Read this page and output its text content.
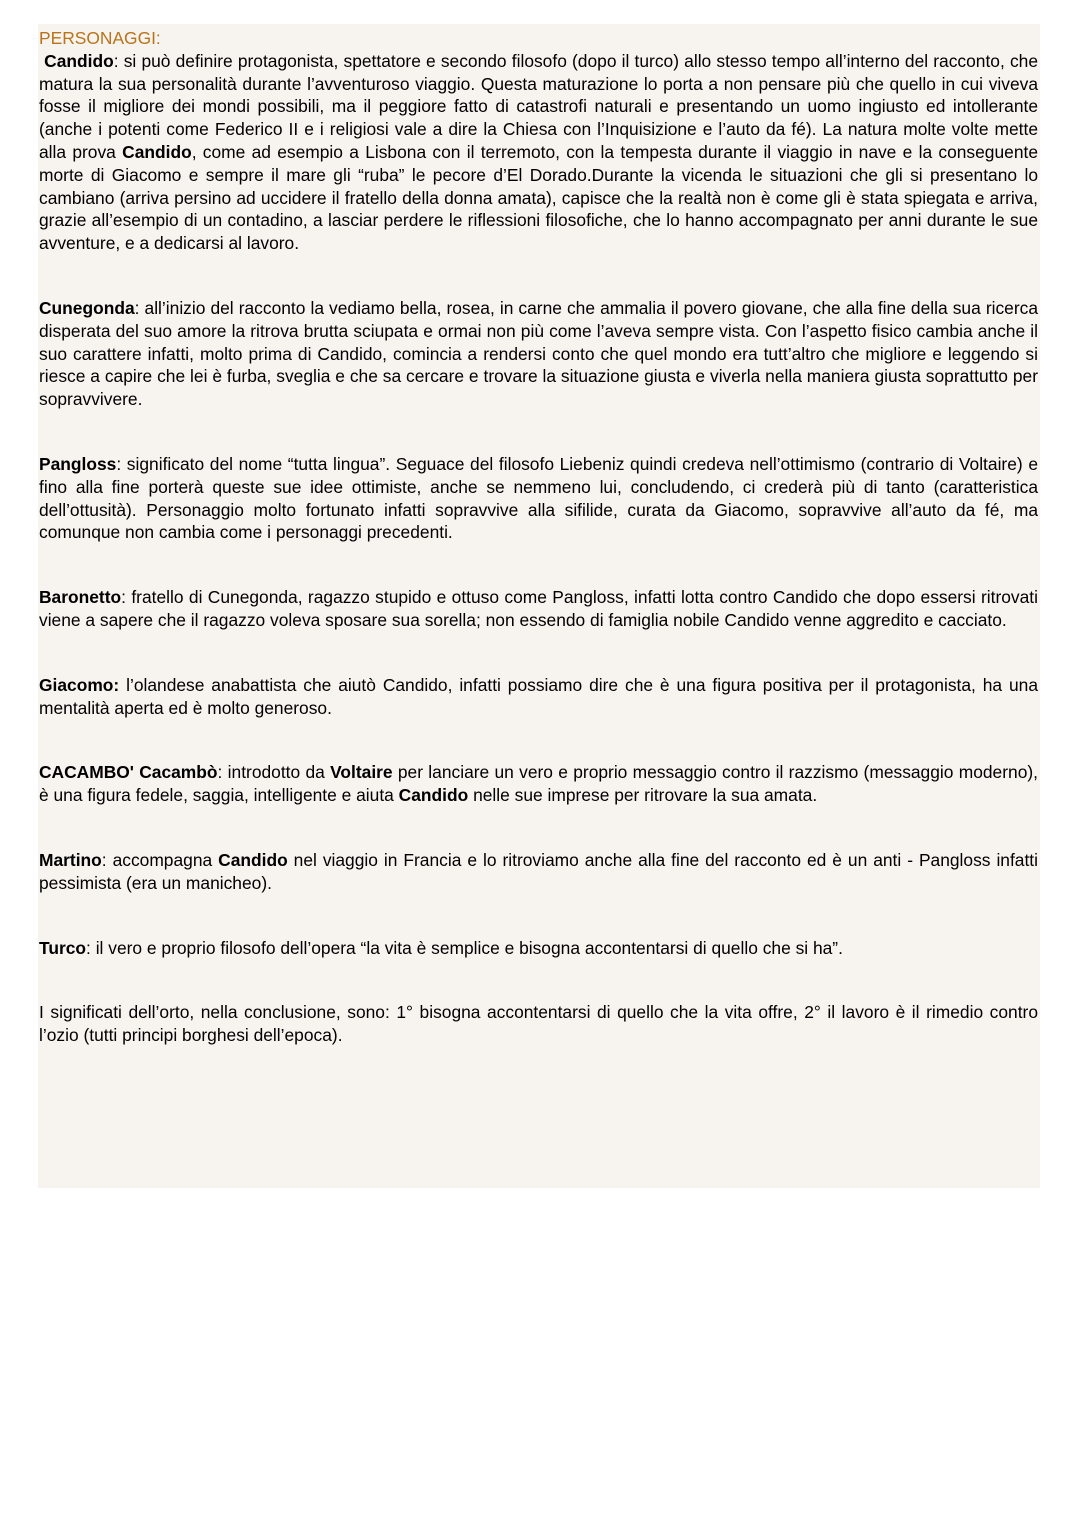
PERSONAGGI:

Candido: si può definire protagonista, spettatore e secondo filosofo (dopo il turco) allo stesso tempo all’interno del racconto, che matura la sua personalità durante l’avventuroso viaggio. Questa maturazione lo porta a non pensare più che quello in cui viveva fosse il migliore dei mondi possibili, ma il peggiore fatto di catastrofi naturali e presentando un uomo ingiusto ed intollerante (anche i potenti come Federico II e i religiosi vale a dire la Chiesa con l’Inquisizione e l’auto da fé). La natura molte volte mette alla prova Candido, come ad esempio a Lisbona con il terremoto, con la tempesta durante il viaggio in nave e la conseguente morte di Giacomo e sempre il mare gli “ruba” le pecore d’El Dorado.Durante la vicenda le situazioni che gli si presentano lo cambiano (arriva persino ad uccidere il fratello della donna amata), capisce che la realtà non è come gli è stata spiegata e arriva, grazie all’esempio di un contadino, a lasciar perdere le riflessioni filosofiche, che lo hanno accompagnato per anni durante le sue avventure, e a dedicarsi al lavoro.

Cunegonda: all’inizio del racconto la vediamo bella, rosea, in carne che ammalia il povero giovane, che alla fine della sua ricerca disperata del suo amore la ritrova brutta sciupata e ormai non più come l’aveva sempre vista. Con l’aspetto fisico cambia anche il suo carattere infatti, molto prima di Candido, comincia a rendersi conto che quel mondo era tutt’altro che migliore e leggendo si riesce a capire che lei è furba, sveglia e che sa cercare e trovare la situazione giusta e viverla nella maniera giusta soprattutto per sopravvivere.

Pangloss: significato del nome “tutta lingua”. Seguace del filosofo Liebeniz quindi credeva nell’ottimismo (contrario di Voltaire) e fino alla fine porterà queste sue idee ottimiste, anche se nemmeno lui, concludendo, ci crederà più di tanto (caratteristica dell’ottusità). Personaggio molto fortunato infatti sopravvive alla sifilide, curata da Giacomo, sopravvive all’auto da fé, ma comunque non cambia come i personaggi precedenti.

Baronetto: fratello di Cunegonda, ragazzo stupido e ottuso come Pangloss, infatti lotta contro Candido che dopo essersi ritrovati viene a sapere che il ragazzo voleva sposare sua sorella; non essendo di famiglia nobile Candido venne aggredito e cacciato.

Giacomo: l’olandese anabattista che aiutò Candido, infatti possiamo dire che è una figura positiva per il protagonista, ha una mentalità aperta ed è molto generoso.

CACAMBO' Cacambò: introdotto da Voltaire per lanciare un vero e proprio messaggio contro il razzismo (messaggio moderno), è una figura fedele, saggia, intelligente e aiuta Candido nelle sue imprese per ritrovare la sua amata.

Martino: accompagna Candido nel viaggio in Francia e lo ritroviamo anche alla fine del racconto ed è un anti - Pangloss infatti pessimista (era un manicheo).

Turco: il vero e proprio filosofo dell’opera “la vita è semplice e bisogna accontentarsi di quello che si ha”.

I significati dell’orto, nella conclusione, sono: 1° bisogna accontentarsi di quello che la vita offre, 2° il lavoro è il rimedio contro l’ozio (tutti principi borghesi dell’epoca).
